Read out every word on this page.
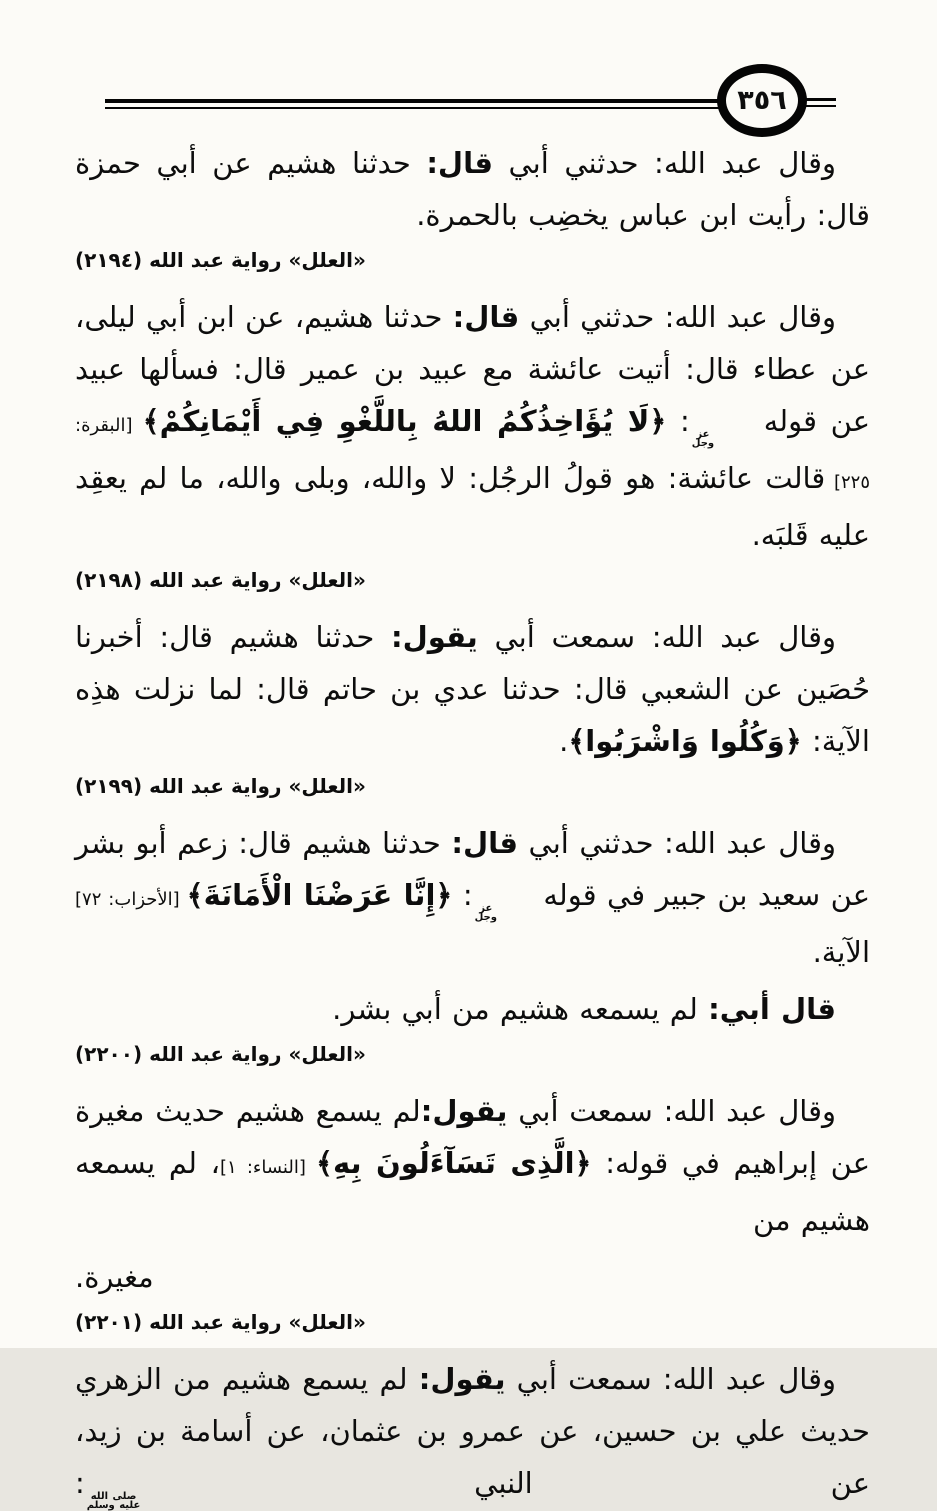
٣٥٦

وقال عبد الله: حدثني أبي قال: حدثنا هشيم عن أبي حمزة قال: رأيت ابن عباس يخضِب بالحمرة.

«العلل» رواية عبد الله (٢١٩٤)

وقال عبد الله: حدثني أبي قال: حدثنا هشيم، عن ابن أبي ليلى، عن عطاء قال: أتيت عائشة مع عبيد بن عمير قال: فسألها عبيد عن قوله
عز
وجل
: ﴿لَا يُؤَاخِذُكُمُ اللهُ بِاللَّغْوِ فِي أَيْمَانِكُمْ﴾ [البقرة: ٢٢٥] قالت عائشة: هو قولُ الرجُل: لا والله، وبلى والله، ما لم يعقِد عليه قَلبَه.

«العلل» رواية عبد الله (٢١٩٨)

وقال عبد الله: سمعت أبي يقول: حدثنا هشيم قال: أخبرنا حُصَين عن الشعبي قال: حدثنا عدي بن حاتم قال: لما نزلت هذِه الآية: ﴿وَكُلُوا وَاشْرَبُوا﴾.

«العلل» رواية عبد الله (٢١٩٩)

وقال عبد الله: حدثني أبي قال: حدثنا هشيم قال: زعم أبو بشر عن سعيد بن جبير في قوله
عز
وجل
: ﴿إِنَّا عَرَضْنَا الْأَمَانَةَ﴾ [الأحزاب: ٧٢] الآية.

قال أبي: لم يسمعه هشيم من أبي بشر.

«العلل» رواية عبد الله (٢٢٠٠)

وقال عبد الله: سمعت أبي يقول:لم يسمع هشيم حديث مغيرة عن إبراهيم في قوله: ﴿الَّذِى تَسَآءَلُونَ بِهِ﴾ [النساء: ١]، لم يسمعه هشيم من

مغيرة.

«العلل» رواية عبد الله (٢٢٠١)

وقال عبد الله: سمعت أبي يقول: لم يسمع هشيم من الزهري حديث علي بن حسين، عن عمرو بن عثمان، عن أسامة بن زيد، عن النبي
صلى الله
عليه وسلم
:
